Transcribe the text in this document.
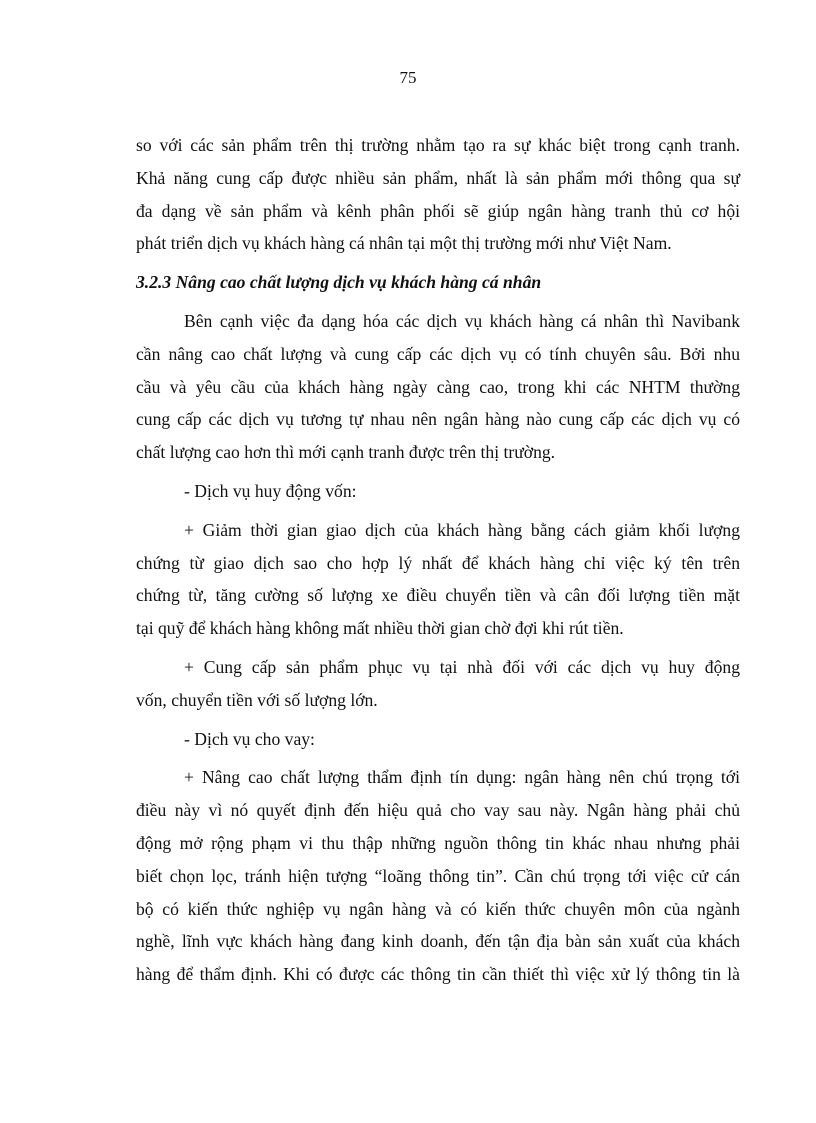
75

so với các sản phẩm trên thị trường nhằm tạo ra sự khác biệt trong cạnh tranh.
Khả năng cung cấp được nhiều sản phẩm, nhất là sản phẩm mới thông qua sự
đa dạng về sản phẩm và kênh phân phối sẽ giúp ngân hàng tranh thủ cơ hội
phát triển dịch vụ khách hàng cá nhân tại một thị trường mới như Việt Nam.

3.2.3 Nâng cao chất lượng dịch vụ khách hàng cá nhân

Bên cạnh việc đa dạng hóa các dịch vụ khách hàng cá nhân thì Navibank
cần nâng cao chất lượng và cung cấp các dịch vụ có tính chuyên sâu. Bởi nhu
cầu và yêu cầu của khách hàng ngày càng cao, trong khi các NHTM thường
cung cấp các dịch vụ tương tự nhau nên ngân hàng nào cung cấp các dịch vụ có
chất lượng cao hơn thì mới cạnh tranh được trên thị trường.

- Dịch vụ huy động vốn:

+ Giảm thời gian giao dịch của khách hàng bằng cách giảm khối lượng
chứng từ giao dịch sao cho hợp lý nhất để khách hàng chỉ việc ký tên trên
chứng từ, tăng cường số lượng xe điều chuyển tiền và cân đối lượng tiền mặt
tại quỹ để khách hàng không mất nhiều thời gian chờ đợi khi rút tiền.

+ Cung cấp sản phẩm phục vụ tại nhà đối với các dịch vụ huy động
vốn, chuyển tiền với số lượng lớn.

- Dịch vụ cho vay:

+ Nâng cao chất lượng thẩm định tín dụng: ngân hàng nên chú trọng tới
điều này vì nó quyết định đến hiệu quả cho vay sau này. Ngân hàng phải chủ
động mở rộng phạm vi thu thập những nguồn thông tin khác nhau nhưng phải
biết chọn lọc, tránh hiện tượng “loãng thông tin”. Cần chú trọng tới việc cử cán
bộ có kiến thức nghiệp vụ ngân hàng và có kiến thức chuyên môn của ngành
nghề, lĩnh vực khách hàng đang kinh doanh, đến tận địa bàn sản xuất của khách
hàng để thẩm định. Khi có được các thông tin cần thiết thì việc xử lý thông tin là
